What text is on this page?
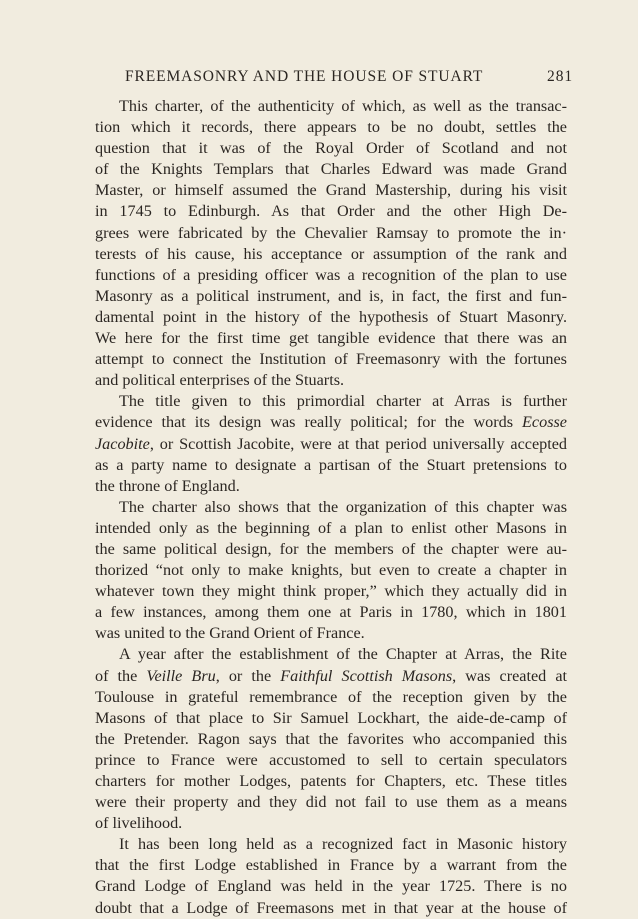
FREEMASONRY AND THE HOUSE OF STUART	281
This charter, of the authenticity of which, as well as the transac-
tion which it records, there appears to be no doubt, settles the
question that it was of the Royal Order of Scotland and not
of the Knights Templars that Charles Edward was made Grand
Master, or himself assumed the Grand Mastership, during his visit
in 1745 to Edinburgh. As that Order and the other High De-
grees were fabricated by the Chevalier Ramsay to promote the in·
terests of his cause, his acceptance or assumption of the rank and
functions of a presiding officer was a recognition of the plan to use
Masonry as a political instrument, and is, in fact, the first and fun-
damental point in the history of the hypothesis of Stuart Masonry.
We here for the first time get tangible evidence that there was an
attempt to connect the Institution of Freemasonry with the fortunes
and political enterprises of the Stuarts.
The title given to this primordial charter at Arras is further
evidence that its design was really political; for the words Ecosse
Jacobite, or Scottish Jacobite, were at that period universally accepted
as a party name to designate a partisan of the Stuart pretensions to
the throne of England.
The charter also shows that the organization of this chapter was
intended only as the beginning of a plan to enlist other Masons in
the same political design, for the members of the chapter were au-
thorized “not only to make knights, but even to create a chapter in
whatever town they might think proper,” which they actually did in
a few instances, among them one at Paris in 1780, which in 1801
was united to the Grand Orient of France.
A year after the establishment of the Chapter at Arras, the Rite
of the Veille Bru, or the Faithful Scottish Masons, was created at
Toulouse in grateful remembrance of the reception given by the
Masons of that place to Sir Samuel Lockhart, the aide-de-camp of
the Pretender. Ragon says that the favorites who accompanied this
prince to France were accustomed to sell to certain speculators
charters for mother Lodges, patents for Chapters, etc. These titles
were their property and they did not fail to use them as a means
of livelihood.
It has been long held as a recognized fact in Masonic history
that the first Lodge established in France by a warrant from the
Grand Lodge of England was held in the year 1725. There is no
doubt that a Lodge of Freemasons met in that year at the house of
